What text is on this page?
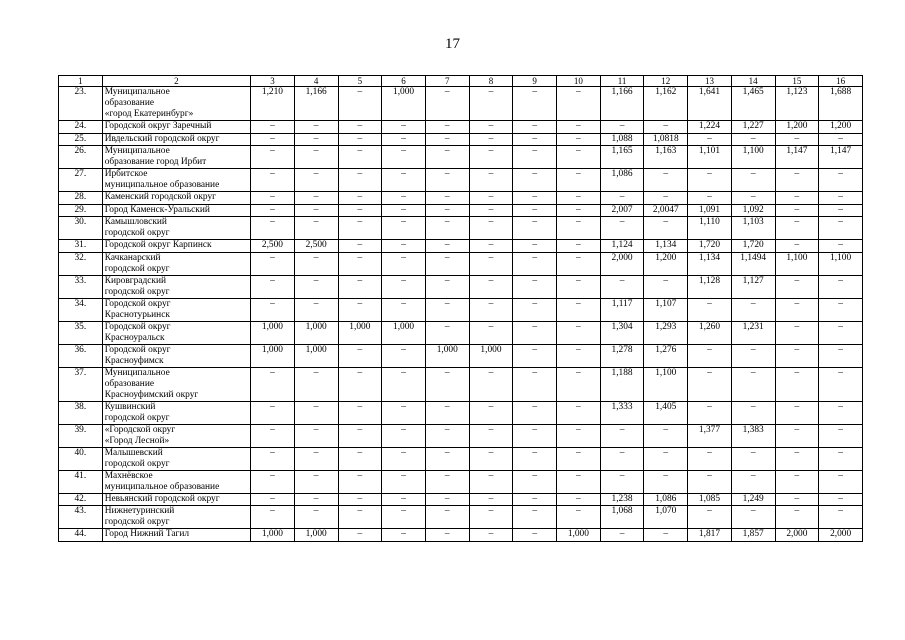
17
1	2	3	4	5	6	7	8	9	10	11	12	13	14	15	16
23.	Муниципальное
образование
«город Екатеринбург»	1,210	1,166	–	1,000	–	–	–	–	1,166	1,162	1,641	1,465	1,123	1,688
24.	Городской округ Заречный	–	–	–	–	–	–	–	–	–	–	1,224	1,227	1,200	1,200
25.	Ивдельский городской округ	–	–	–	–	–	–	–	–	1,088	1,0818	–	–	–	–
26.	Муниципальное
образование город Ирбит	–	–	–	–	–	–	–	–	1,165	1,163	1,101	1,100	1,147	1,147
27.	Ирбитское
муниципальное образование	–	–	–	–	–	–	–	–	1,086	–	–	–	–	–
28.	Каменский городской округ	–	–	–	–	–	–	–	–	–	–	–	–	–	–
29.	Город Каменск-Уральский	–	–	–	–	–	–	–	–	2,007	2,0047	1,091	1,092	–	–
30.	Камышловский
городской округ	–	–	–	–	–	–	–	–	–	–	1,110	1,103	–	–
31.	Городской округ Карпинск	2,500	2,500	–	–	–	–	–	–	1,124	1,134	1,720	1,720	–	–
32.	Качканарский
городской округ	–	–	–	–	–	–	–	–	2,000	1,200	1,134	1,1494	1,100	1,100
33.	Кировградский
городской округ	–	–	–	–	–	–	–	–	–	–	1,128	1,127	–	–
34.	Городской округ
Краснотурьинск	–	–	–	–	–	–	–	–	1,117	1,107	–	–	–	–
35.	Городской округ
Красноуральск	1,000	1,000	1,000	1,000	–	–	–	–	1,304	1,293	1,260	1,231	–	–
36.	Городской округ
Красноуфимск	1,000	1,000	–	–	1,000	1,000	–	–	1,278	1,276	–	–	–	–
37.	Муниципальное
образование
Красноуфимский округ	–	–	–	–	–	–	–	–	1,188	1,100	–	–	–	–
38.	Кушвинский
городской округ	–	–	–	–	–	–	–	–	1,333	1,405	–	–	–	–
39.	«Городской округ
«Город Лесной»	–	–	–	–	–	–	–	–	–	–	1,377	1,383	–	–
40.	Малышевский
городской округ	–	–	–	–	–	–	–	–	–	–	–	–	–	–
41.	Махнёвское
муниципальное образование	–	–	–	–	–	–	–	–	–	–	–	–	–	–
42.	Невьянский городской округ	–	–	–	–	–	–	–	–	1,238	1,086	1,085	1,249	–	–
43.	Нижнетуринский
городской округ	–	–	–	–	–	–	–	–	1,068	1,070	–	–	–	–
44.	Город Нижний Тагил	1,000	1,000	–	–	–	–	–	1,000	–	–	1,817	1,857	2,000	2,000
